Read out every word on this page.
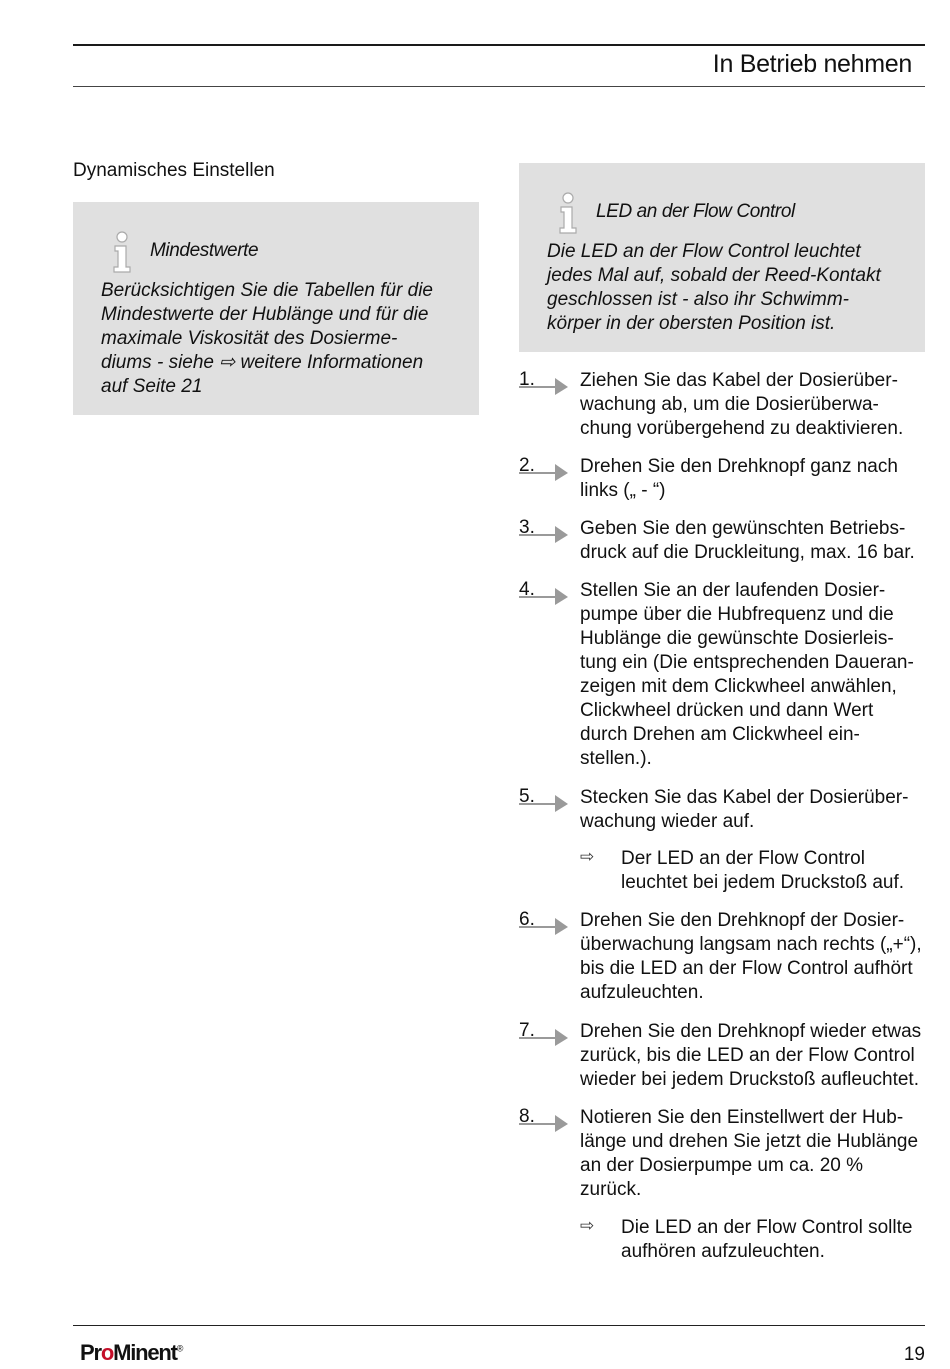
In Betrieb nehmen
Dynamisches Einstellen
Mindestwerte
Berücksichtigen Sie die Tabellen für die
Mindestwerte der Hublänge und für die
maximale Viskosität des Dosierme-
diums - siehe ⇨ weitere Informationen
auf Seite 21
LED an der Flow Control
Die LED an der Flow Control leuchtet
jedes Mal auf, sobald der Reed-Kontakt
geschlossen ist - also ihr Schwimm-
körper in der obersten Position ist.
1. Ziehen Sie das Kabel der Dosierüber-
wachung ab, um die Dosierüberwa-
chung vorübergehend zu deaktivieren.
2. Drehen Sie den Drehknopf ganz nach
links („ - “)
3. Geben Sie den gewünschten Betriebs-
druck auf die Druckleitung, max. 16 bar.
4. Stellen Sie an der laufenden Dosier-
pumpe über die Hubfrequenz und die
Hublänge die gewünschte Dosierleis-
tung ein (Die entsprechenden Daueran-
zeigen mit dem Clickwheel anwählen,
Clickwheel drücken und dann Wert
durch Drehen am Clickwheel ein-
stellen.).
5. Stecken Sie das Kabel der Dosierüber-
wachung wieder auf.
⇨ Der LED an der Flow Control
leuchtet bei jedem Druckstoß auf.
6. Drehen Sie den Drehknopf der Dosier-
überwachung langsam nach rechts („+“),
bis die LED an der Flow Control aufhört
aufzuleuchten.
7. Drehen Sie den Drehknopf wieder etwas
zurück, bis die LED an der Flow Control
wieder bei jedem Druckstoß aufleuchtet.
8. Notieren Sie den Einstellwert der Hub-
länge und drehen Sie jetzt die Hublänge
an der Dosierpumpe um ca. 20 %
zurück.
⇨ Die LED an der Flow Control sollte
aufhören aufzuleuchten.
ProMinent®	19
